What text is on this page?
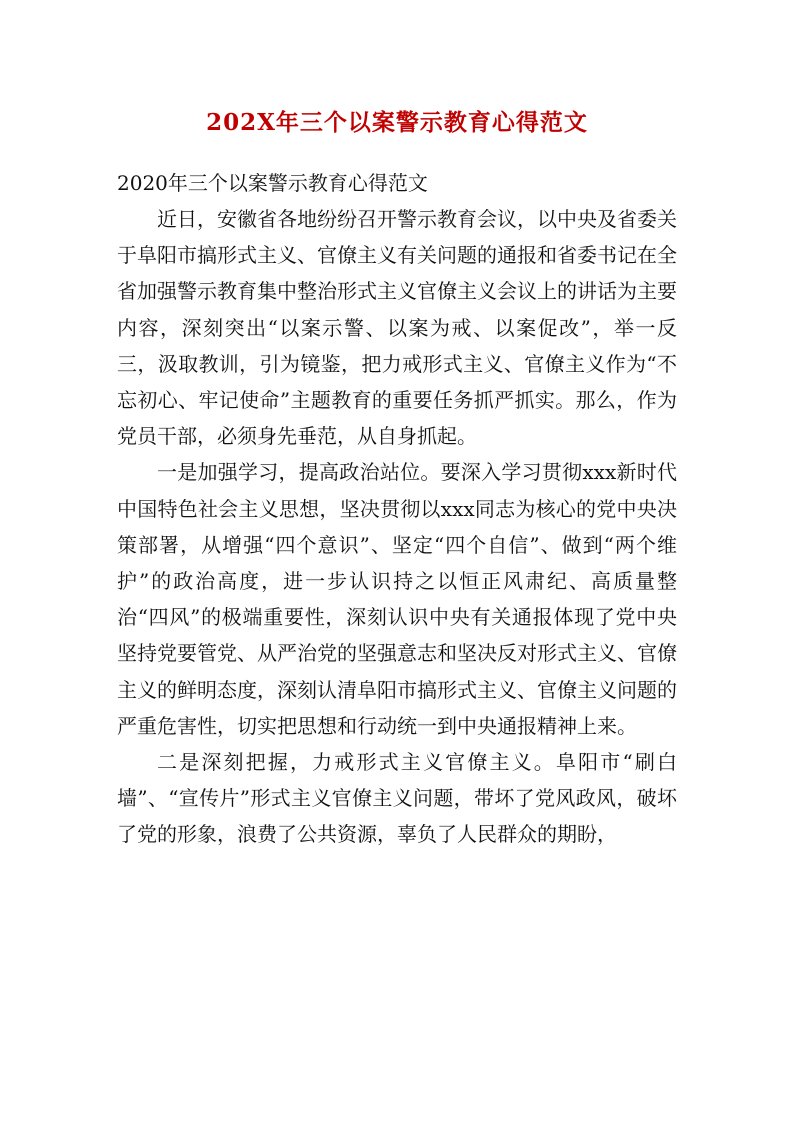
202X年三个以案警示教育心得范文

2020年三个以案警示教育心得范文

近日，安徽省各地纷纷召开警示教育会议，以中央及省委关于阜阳市搞形式主义、官僚主义有关问题的通报和省委书记在全省加强警示教育集中整治形式主义官僚主义会议上的讲话为主要内容，深刻突出“以案示警、以案为戒、以案促改”，举一反三，汲取教训，引为镜鉴，把力戒形式主义、官僚主义作为“不忘初心、牢记使命”主题教育的重要任务抓严抓实。那么，作为党员干部，必须身先垂范，从自身抓起。

一是加强学习，提高政治站位。要深入学习贯彻xxx新时代中国特色社会主义思想，坚决贯彻以xxx同志为核心的党中央决策部署，从增强“四个意识”、坚定“四个自信”、做到“两个维护”的政治高度，进一步认识持之以恒正风肃纪、高质量整治“四风”的极端重要性，深刻认识中央有关通报体现了党中央坚持党要管党、从严治党的坚强意志和坚决反对形式主义、官僚主义的鲜明态度，深刻认清阜阳市搞形式主义、官僚主义问题的严重危害性，切实把思想和行动统一到中央通报精神上来。

二是深刻把握，力戒形式主义官僚主义。阜阳市“刷白墙”、“宣传片”形式主义官僚主义问题，带坏了党风政风，破坏了党的形象，浪费了公共资源，辜负了人民群众的期盼，
